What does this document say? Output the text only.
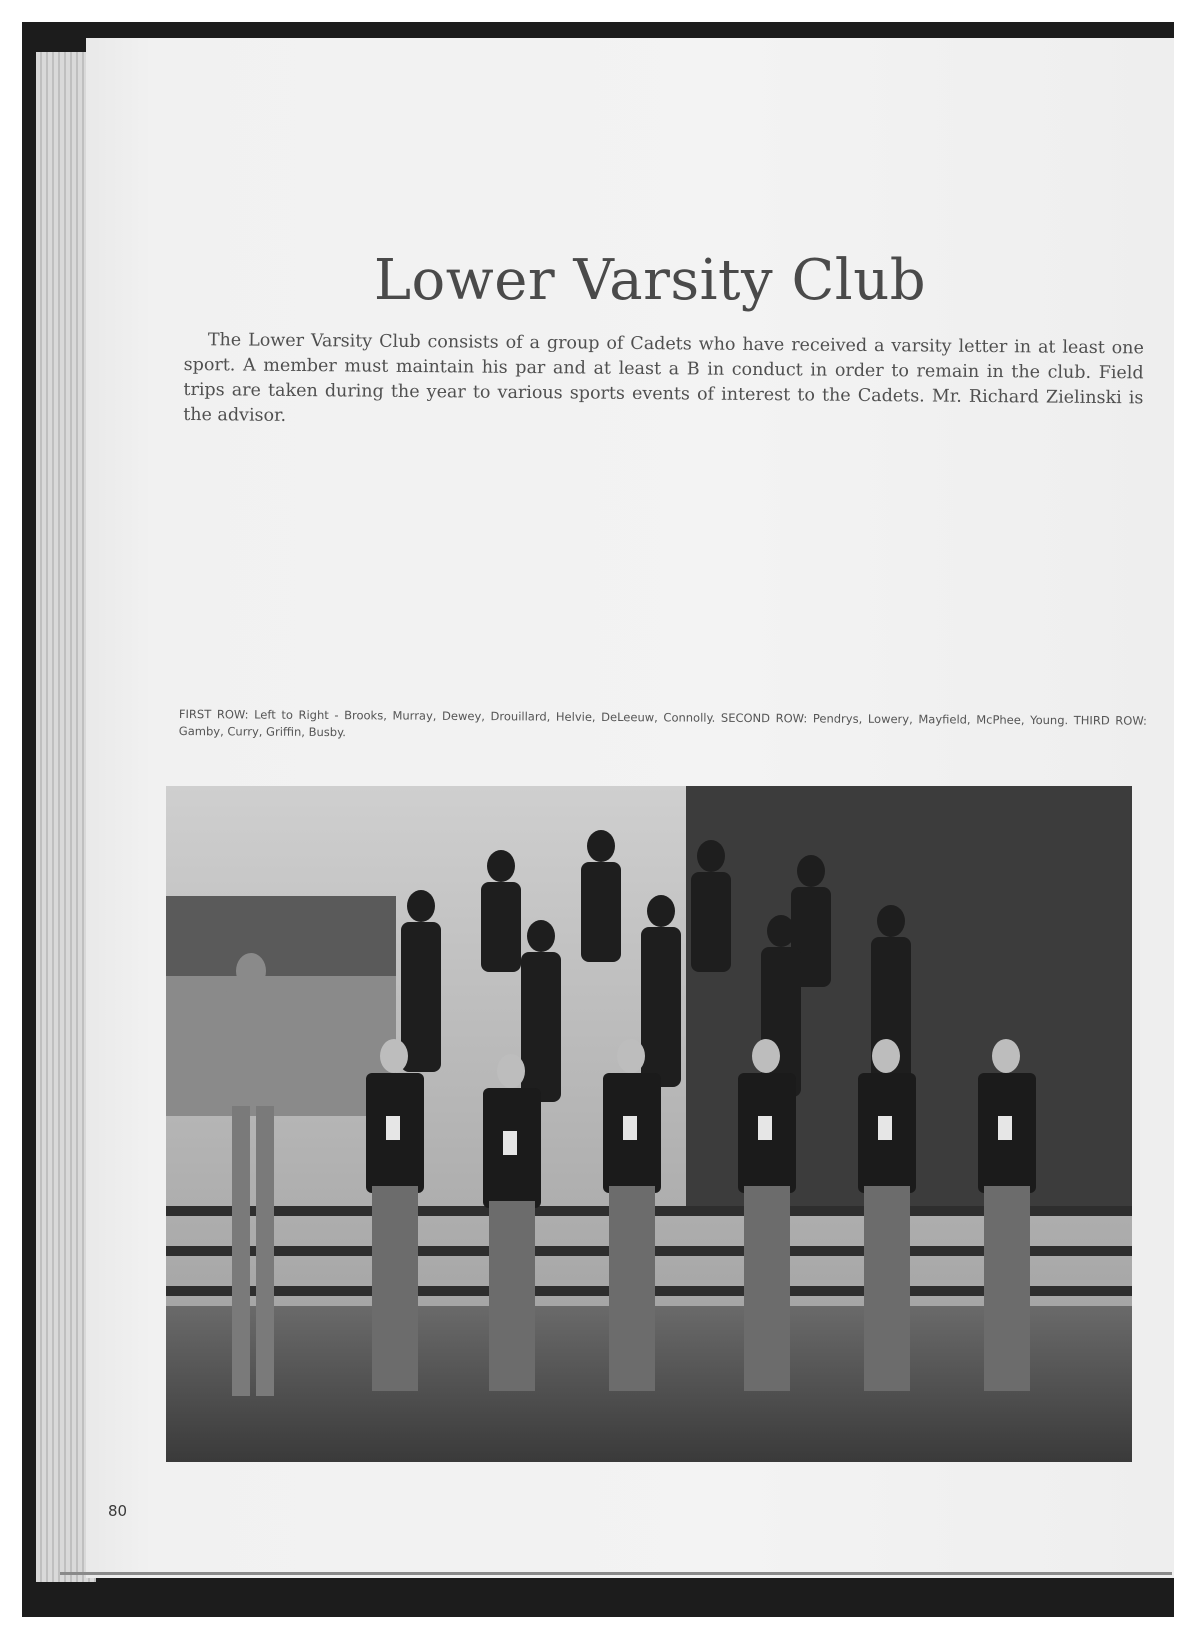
Lower Varsity Club

The Lower Varsity Club consists of a group of Cadets who have received a varsity letter in at least one sport. A member must maintain his par and at least a B in conduct in order to remain in the club. Field trips are taken during the year to various sports events of interest to the Cadets. Mr. Richard Zielinski is the advisor.

FIRST ROW: Left to Right - Brooks, Murray, Dewey, Drouillard, Helvie, DeLeeuw, Connolly. SECOND ROW: Pendrys, Lowery, Mayfield, McPhee, Young. THIRD ROW: Gamby, Curry, Griffin, Busby.

80
